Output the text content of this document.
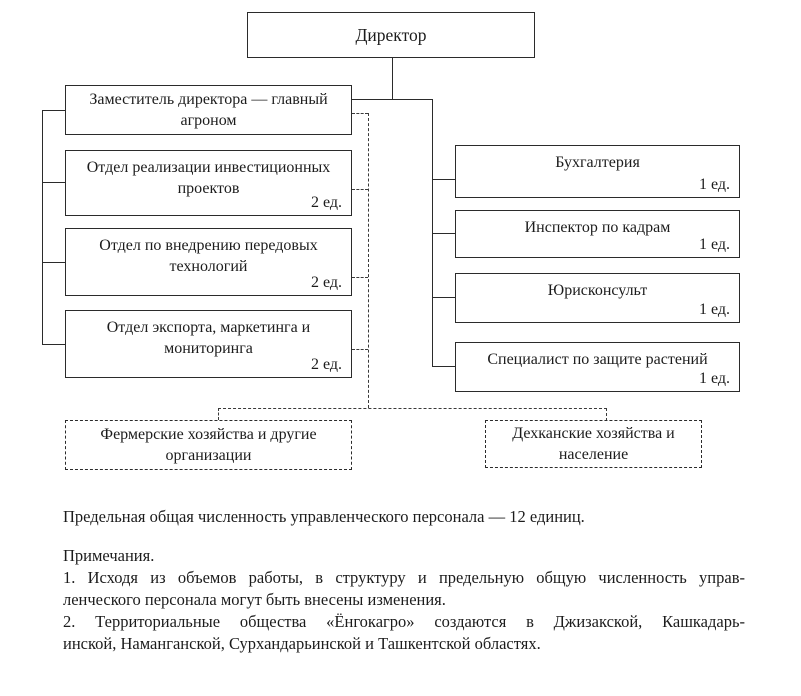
Директор
Заместитель директора — главный
агроном
Отдел реализации инвестиционных
проектов
2 ед.
Отдел по внедрению передовых
технологий
2 ед.
Отдел экспорта, маркетинга и
мониторинга
2 ед.
Бухгалтерия
1 ед.
Инспектор по кадрам
1 ед.
Юрисконсульт
1 ед.
Специалист по защите растений
1 ед.
Фермерские хозяйства и другие
организации
Дехканские хозяйства и
население
Предельная общая численность управленческого персонала — 12 единиц.
Примечания.
1. Исходя из объемов работы, в структуру и предельную общую численность управ-
ленческого персонала могут быть внесены изменения.
2. Территориальные общества «Ёнгокагро» создаются в Джизакской, Кашкадарь-
инской, Наманганской, Сурхандарьинской и Ташкентской областях.
